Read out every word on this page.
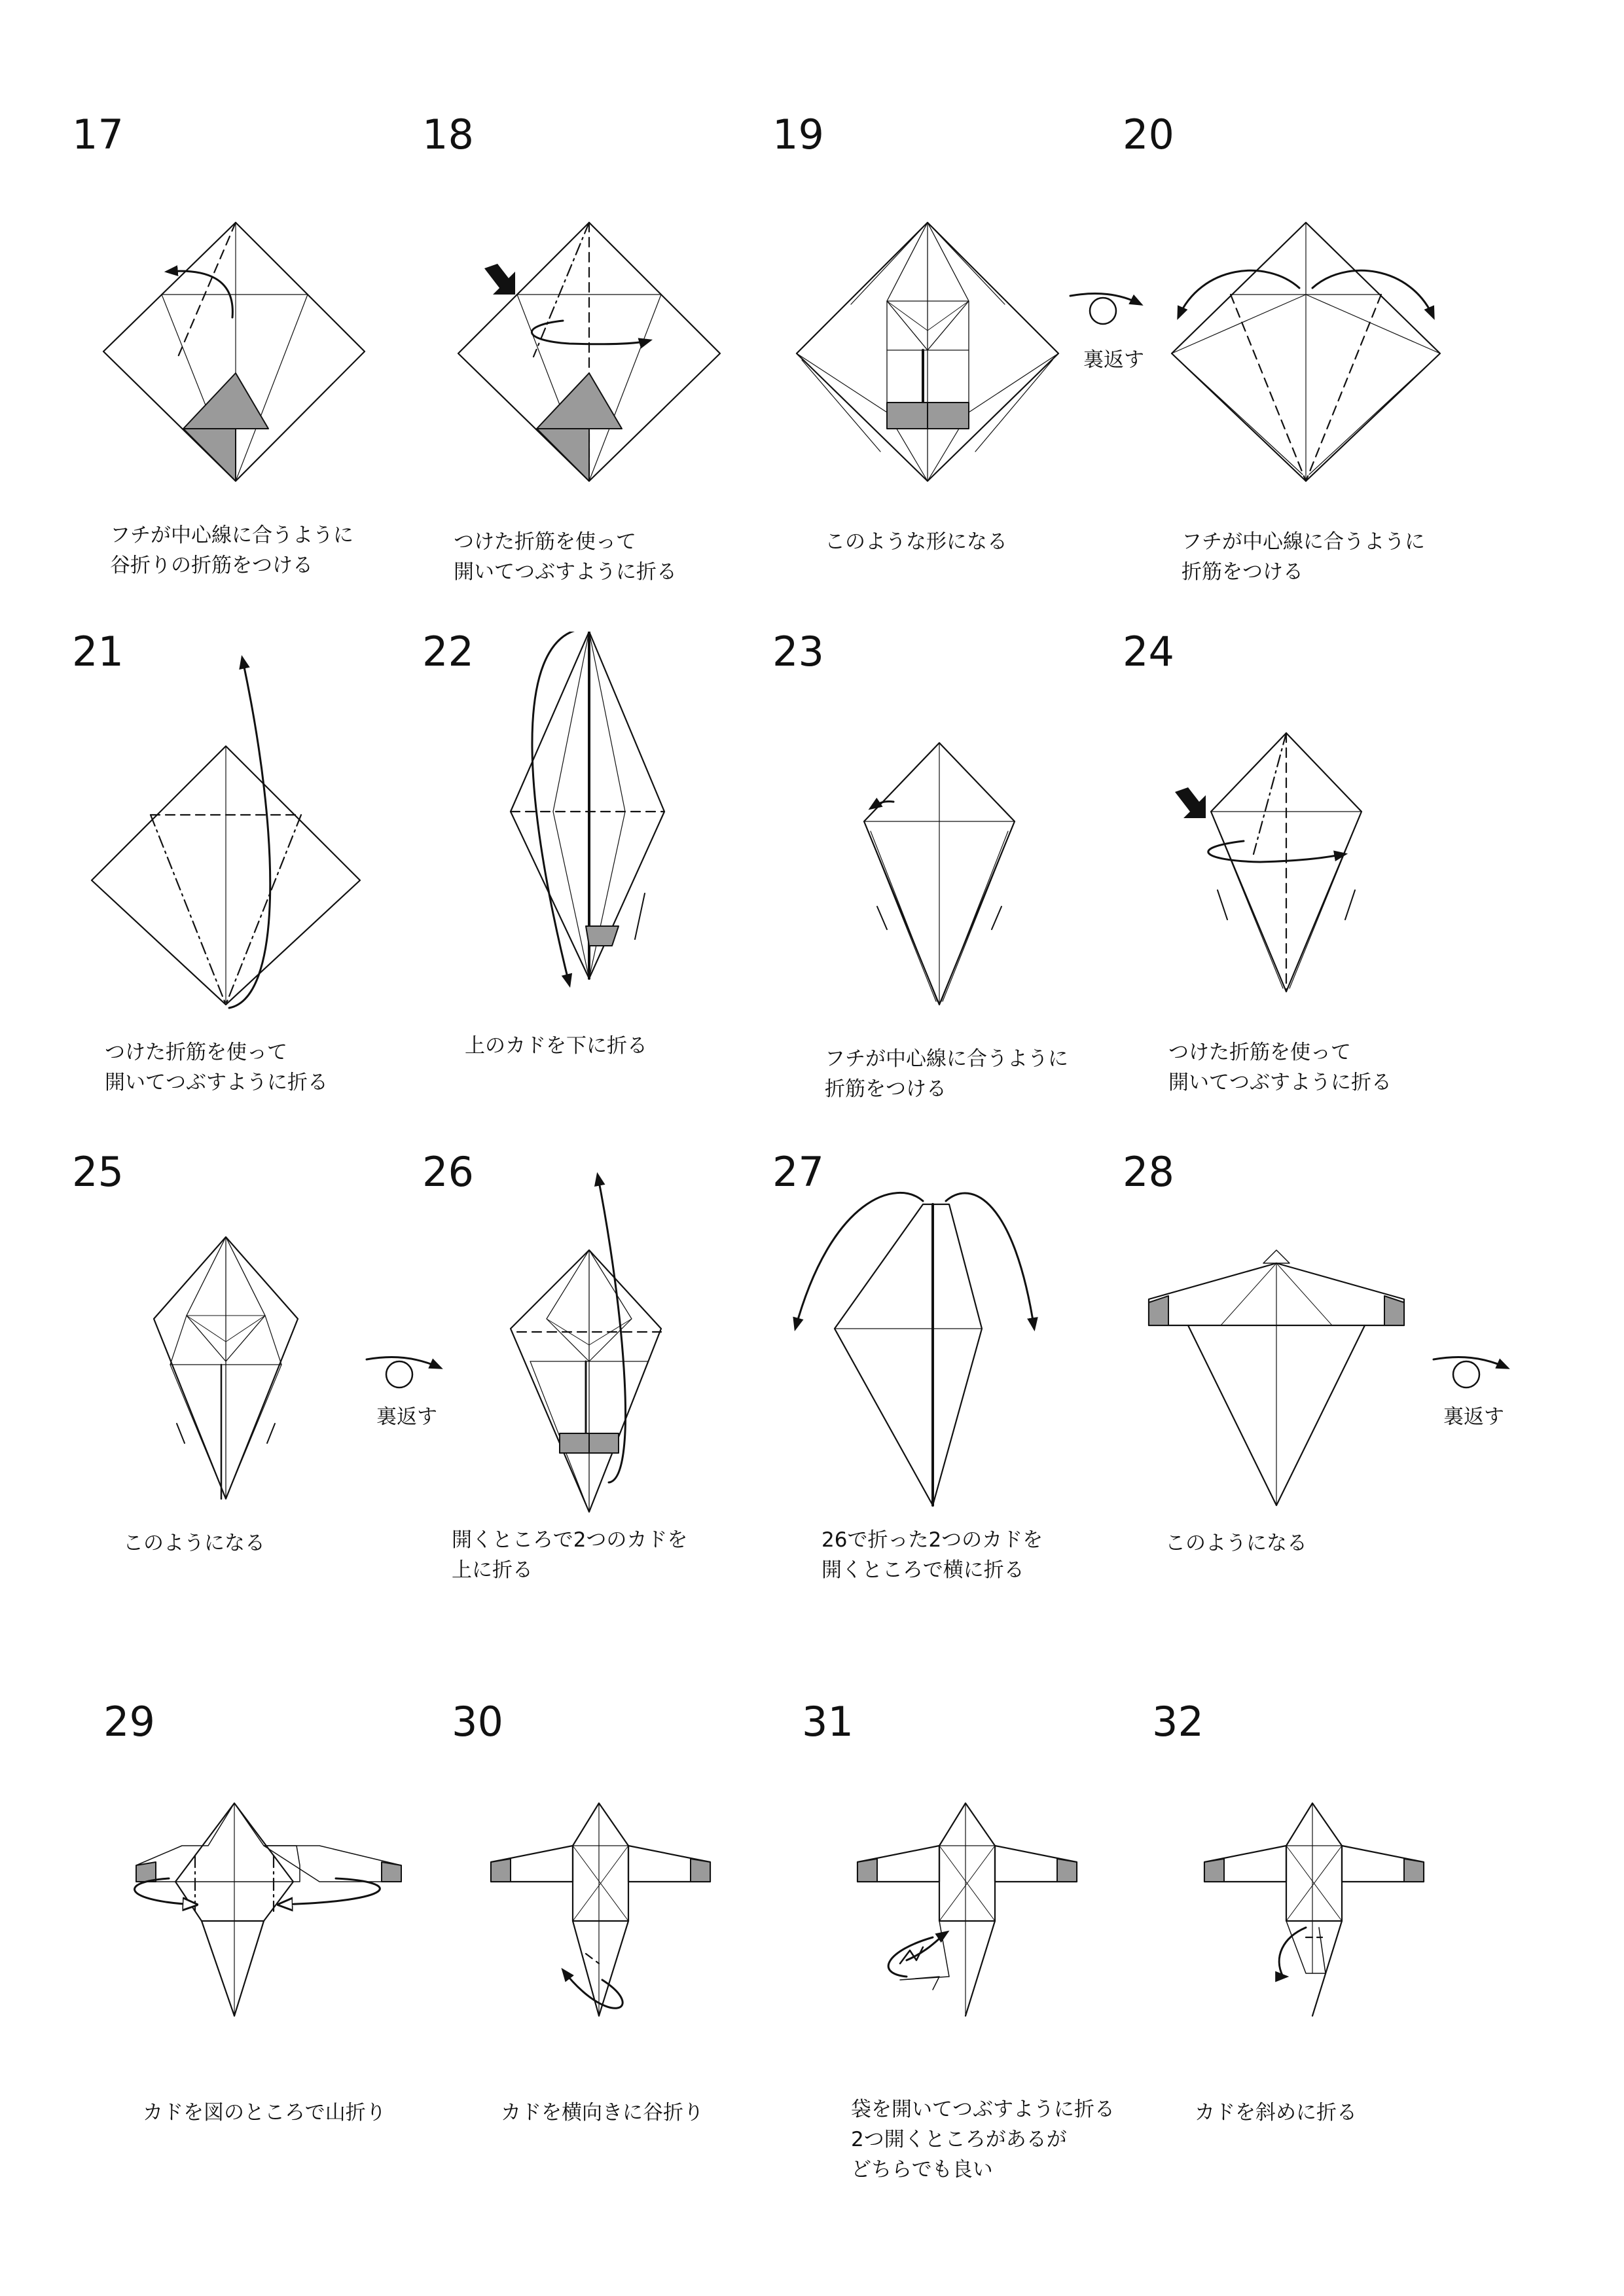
17
フチが中心線に合うように
谷折りの折筋をつける
18
つけた折筋を使って
開いてつぶすように折る
19
このような形になる
裏返す
20
フチが中心線に合うように
折筋をつける
21
つけた折筋を使って
開いてつぶすように折る
22
上のカドを下に折る
23
フチが中心線に合うように
折筋をつける
24
つけた折筋を使って
開いてつぶすように折る
25
このようになる
裏返す
26
開くところで2つのカドを
上に折る
27
26で折った2つのカドを
開くところで横に折る
28
このようになる
裏返す
29
カドを図のところで山折り
30
カドを横向きに谷折り
31
袋を開いてつぶすように折る
2つ開くところがあるが
どちらでも良い
32
カドを斜めに折る
